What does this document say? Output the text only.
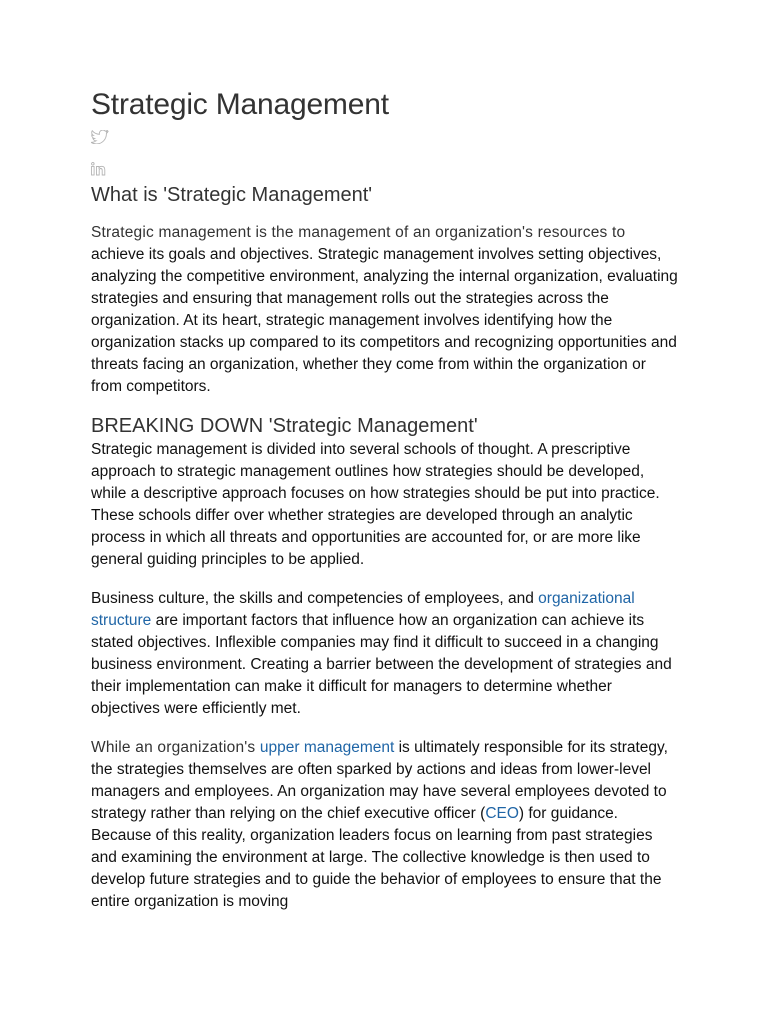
Strategic Management
What is 'Strategic Management'

Strategic management is the management of an organization's resources to achieve its goals and objectives. Strategic management involves setting objectives, analyzing the competitive environment, analyzing the internal organization, evaluating strategies and ensuring that management rolls out the strategies across the organization. At its heart, strategic management involves identifying how the organization stacks up compared to its competitors and recognizing opportunities and threats facing an organization, whether they come from within the organization or from competitors.

BREAKING DOWN 'Strategic Management'

Strategic management is divided into several schools of thought. A prescriptive approach to strategic management outlines how strategies should be developed, while a descriptive approach focuses on how strategies should be put into practice. These schools differ over whether strategies are developed through an analytic process in which all threats and opportunities are accounted for, or are more like general guiding principles to be applied.

Business culture, the skills and competencies of employees, and organizational structure are important factors that influence how an organization can achieve its stated objectives. Inflexible companies may find it difficult to succeed in a changing business environment. Creating a barrier between the development of strategies and their implementation can make it difficult for managers to determine whether objectives were efficiently met.

While an organization's upper management is ultimately responsible for its strategy, the strategies themselves are often sparked by actions and ideas from lower-level managers and employees. An organization may have several employees devoted to strategy rather than relying on the chief executive officer (CEO) for guidance. Because of this reality, organization leaders focus on learning from past strategies and examining the environment at large. The collective knowledge is then used to develop future strategies and to guide the behavior of employees to ensure that the entire organization is moving
